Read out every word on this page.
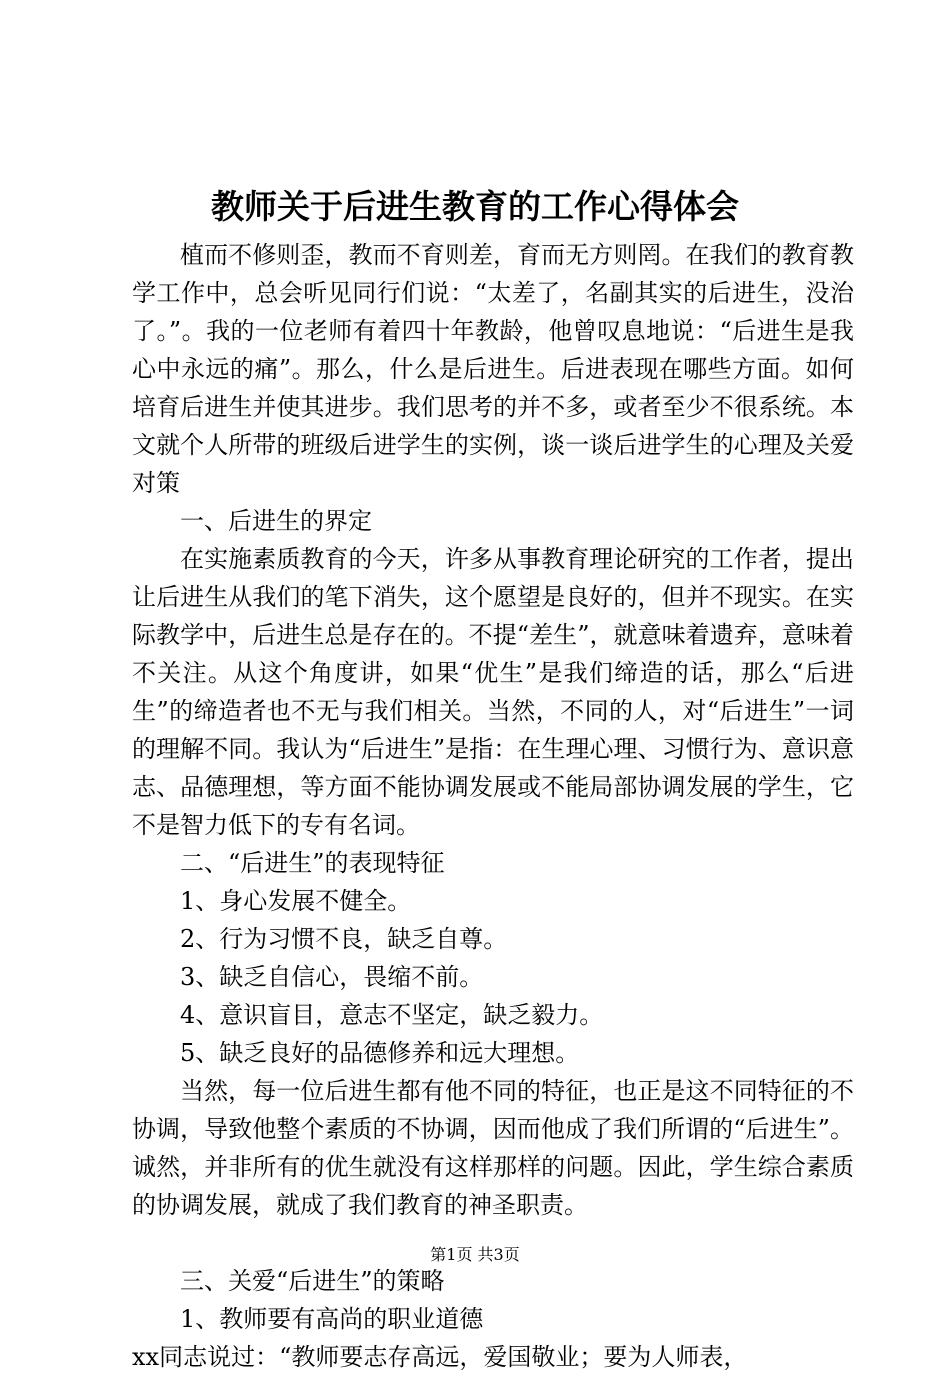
教师关于后进生教育的工作心得体会

植而不修则歪，教而不育则差，育而无方则罔。在我们的教育教学工作中，总会听见同行们说：“太差了，名副其实的后进生，没治了。”。我的一位老师有着四十年教龄，他曾叹息地说：“后进生是我心中永远的痛”。那么，什么是后进生。后进表现在哪些方面。如何培育后进生并使其进步。我们思考的并不多，或者至少不很系统。本文就个人所带的班级后进学生的实例，谈一谈后进学生的心理及关爱对策

一、后进生的界定

在实施素质教育的今天，许多从事教育理论研究的工作者，提出让后进生从我们的笔下消失，这个愿望是良好的，但并不现实。在实际教学中，后进生总是存在的。不提“差生”，就意味着遗弃，意味着不关注。从这个角度讲，如果“优生”是我们缔造的话，那么“后进生”的缔造者也不无与我们相关。当然，不同的人，对“后进生”一词的理解不同。我认为“后进生”是指：在生理心理、习惯行为、意识意志、品德理想，等方面不能协调发展或不能局部协调发展的学生，它不是智力低下的专有名词。

二、“后进生”的表现特征

1、身心发展不健全。

2、行为习惯不良，缺乏自尊。

3、缺乏自信心，畏缩不前。

4、意识盲目，意志不坚定，缺乏毅力。

5、缺乏良好的品德修养和远大理想。

当然，每一位后进生都有他不同的特征，也正是这不同特征的不协调，导致他整个素质的不协调，因而他成了我们所谓的“后进生”。诚然，并非所有的优生就没有这样那样的问题。因此，学生综合素质的协调发展，就成了我们教育的神圣职责。

三、关爱“后进生”的策略

1、教师要有高尚的职业道德

xx同志说过：“教师要志存高远，爱国敬业；要为人师表，

第1页 共3页
